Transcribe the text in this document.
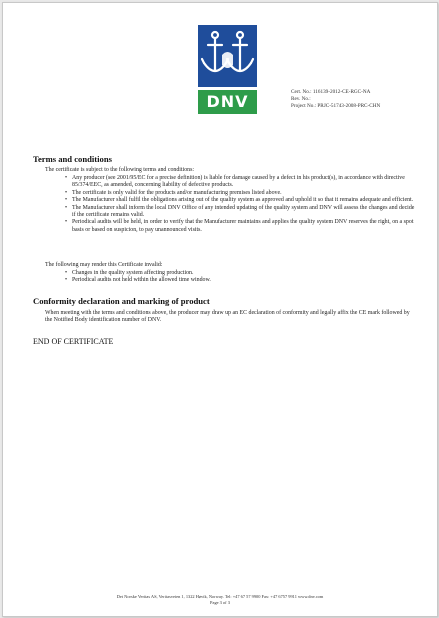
DNV	Cert. No.: 116139-2012-CE-RGC-NA
Rev. No.:
Project No.: PRJC-51743-2008-PRC-CHN
Terms and conditions
The certificate is subject to the following terms and conditions:
• Any producer (see 2001/95/EC for a precise definition) is liable for damage caused by a defect in his product(s), in accordance with directive 85/374/EEC, as amended, concerning liability of defective products.
• The certificate is only valid for the products and/or manufacturing premises listed above.
• The Manufacturer shall fulfil the obligations arising out of the quality system as approved and uphold it so that it remains adequate and efficient.
• The Manufacturer shall inform the local DNV Office of any intended updating of the quality system and DNV will assess the changes and decide if the certificate remains valid.
• Periodical audits will be held, in order to verify that the Manufacturer maintains and applies the quality system DNV reserves the right, on a spot basis or based on suspicion, to pay unannounced visits.
The following may render this Certificate invalid:
• Changes in the quality system affecting production.
• Periodical audits not held within the allowed time window.
Conformity declaration and marking of product
When meeting with the terms and conditions above, the producer may draw up an EC declaration of conformity and legally affix the CE mark followed by the Notified Body identification number of DNV.
END OF CERTIFICATE
Det Norske Veritas AS, Veritasveien 1, 1322 Høvik, Norway. Tel: +47 67 57 9900 Fax: +47 6757 9911 www.dnv.com
Page 3 of 3
